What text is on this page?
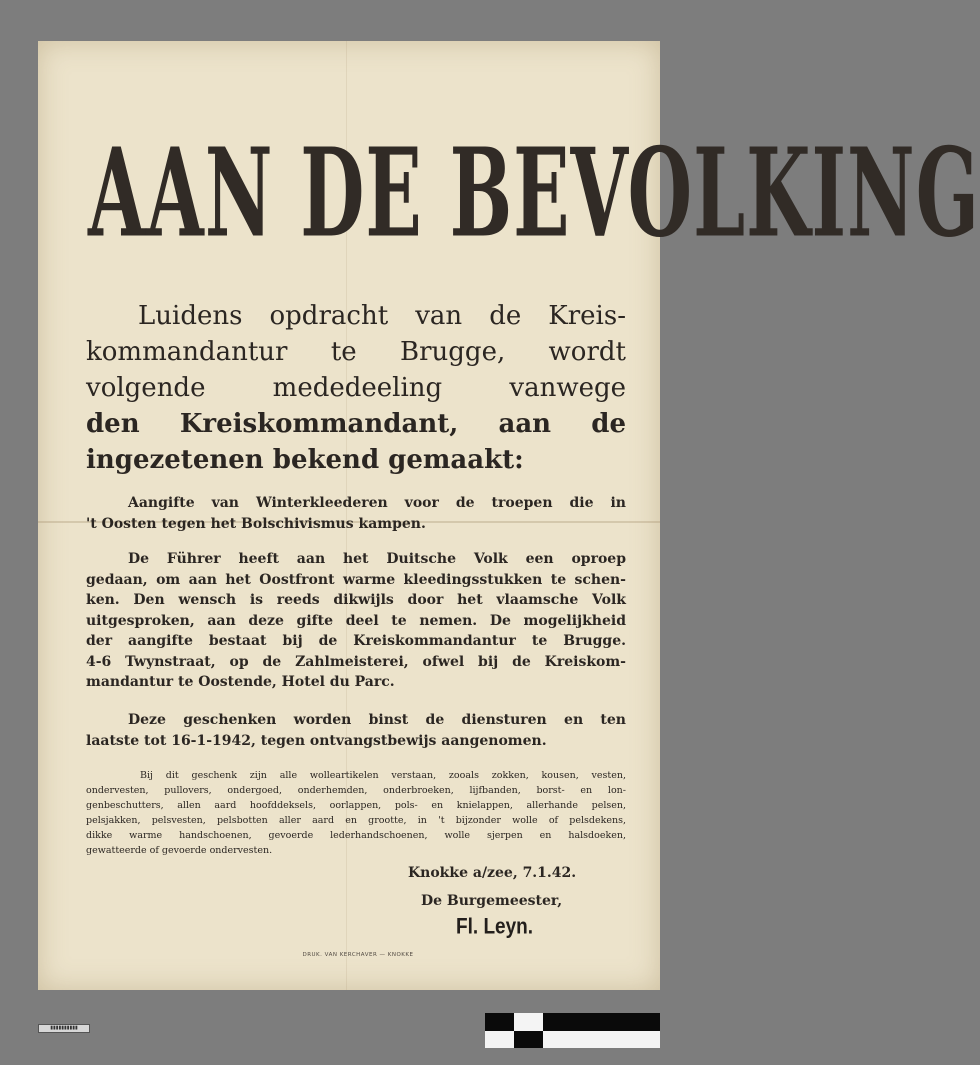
AAN DE BEVOLKING
Luidens opdracht van de Kreis-
kommandantur te Brugge, wordt
volgende mededeeling vanwege
den Kreiskommandant, aan de
ingezetenen bekend gemaakt:
Aangifte van Winterkleederen voor de troepen die in
't Oosten tegen het Bolschivismus kampen.
De Führer heeft aan het Duitsche Volk een oproep
gedaan, om aan het Oostfront warme kleedingsstukken te schen-
ken. Den wensch is reeds dikwijls door het vlaamsche Volk
uitgesproken, aan deze gifte deel te nemen. De mogelijkheid
der aangifte bestaat bij de Kreiskommandantur te Brugge.
4-6 Twynstraat, op de Zahlmeisterei, ofwel bij de Kreiskom-
mandantur te Oostende, Hotel du Parc.
Deze geschenken worden binst de diensturen en ten
laatste tot 16-1-1942, tegen ontvangstbewijs aangenomen.
Bij dit geschenk zijn alle wolleartikelen verstaan, zooals zokken, kousen, vesten,
ondervesten, pullovers, ondergoed, onderhemden, onderbroeken, lijfbanden, borst- en lon-
genbeschutters, allen aard hoofddeksels, oorlappen, pols- en knielappen, allerhande pelsen,
pelsjakken, pelsvesten, pelsbotten aller aard en grootte, in 't bijzonder wolle of pelsdekens,
dikke warme handschoenen, gevoerde lederhandschoenen, wolle sjerpen en halsdoeken,
gewatteerde of gevoerde ondervesten.
Knokke a/zee, 7.1.42.
De Burgemeester,
Fl. Leyn.
DRUK. VAN KERCHAVER — KNOKKE
▮▮▮▮▮▮▮▮▮▮
